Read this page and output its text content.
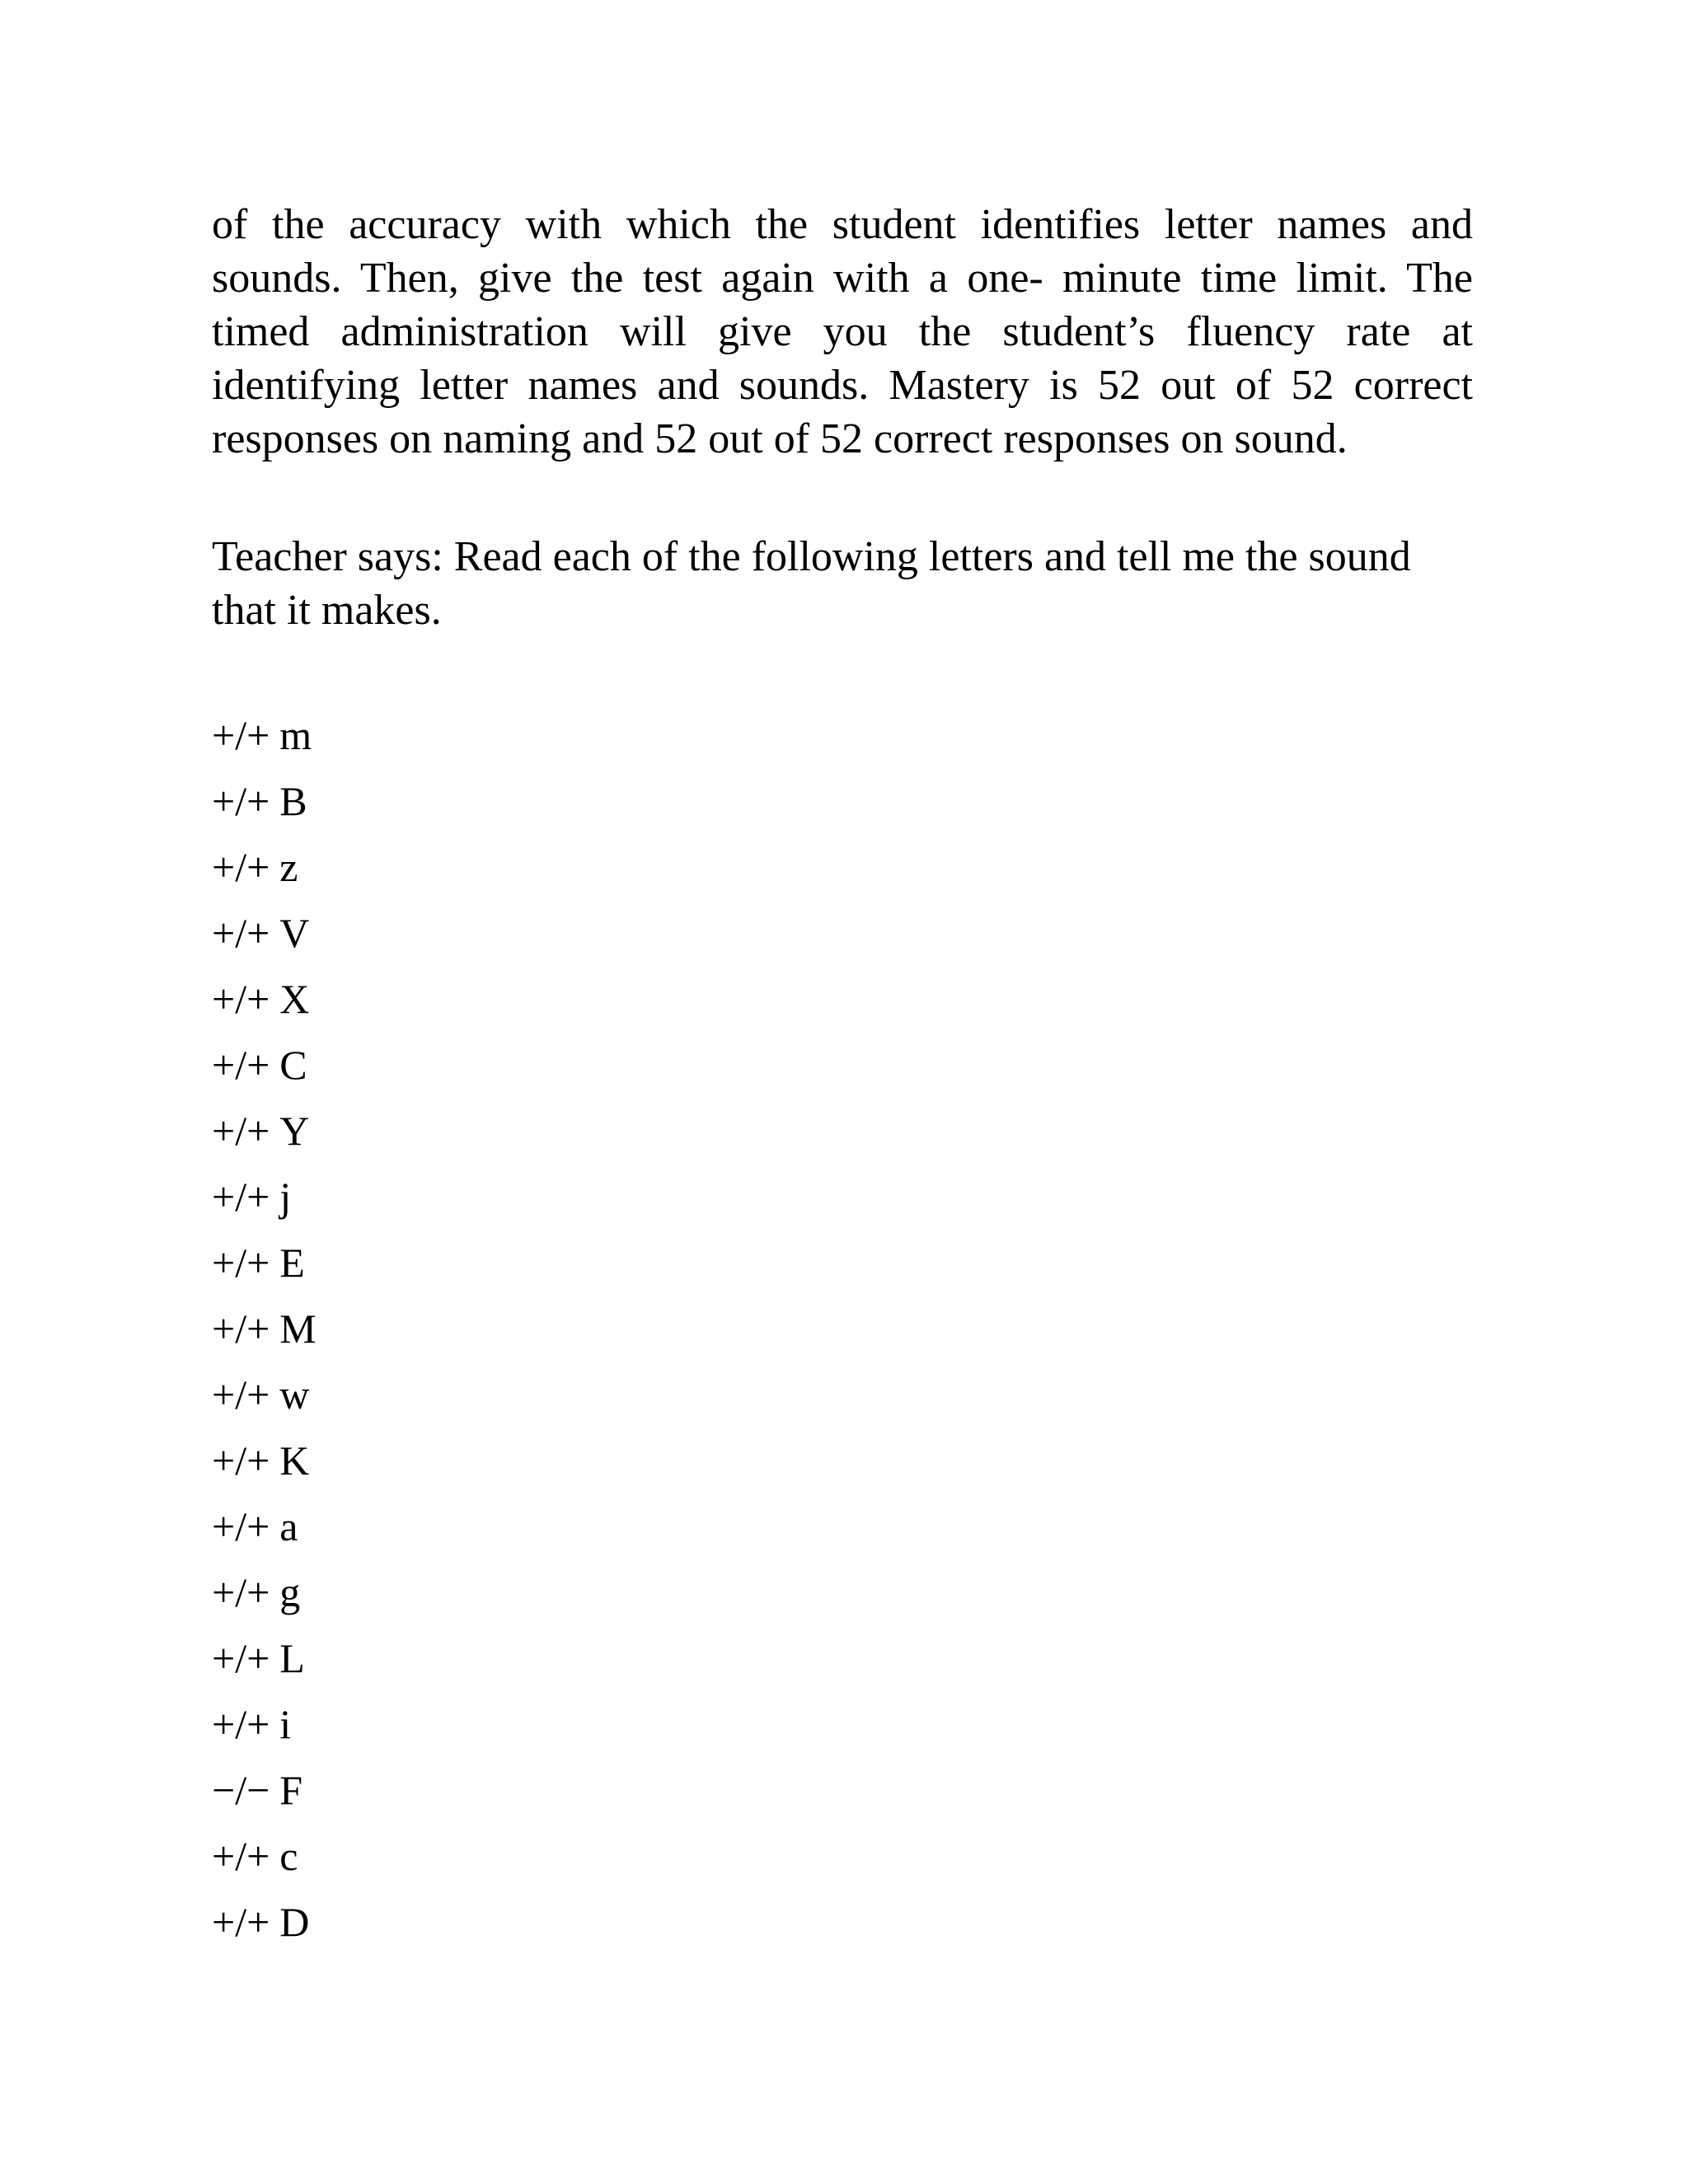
of the accuracy with which the student identifies letter names and sounds. Then, give the test again with a one- minute time limit. The timed administration will give you the student’s fluency rate at identifying letter names and sounds. Mastery is 52 out of 52 correct responses on naming and 52 out of 52 correct responses on sound.

Teacher says: Read each of the following letters and tell me the sound that it makes.

+/+ m
+/+ B
+/+ z
+/+ V
+/+ X
+/+ C
+/+ Y
+/+ j
+/+ E
+/+ M
+/+ w
+/+ K
+/+ a
+/+ g
+/+ L
+/+ i
−/− F
+/+ c
+/+ D
